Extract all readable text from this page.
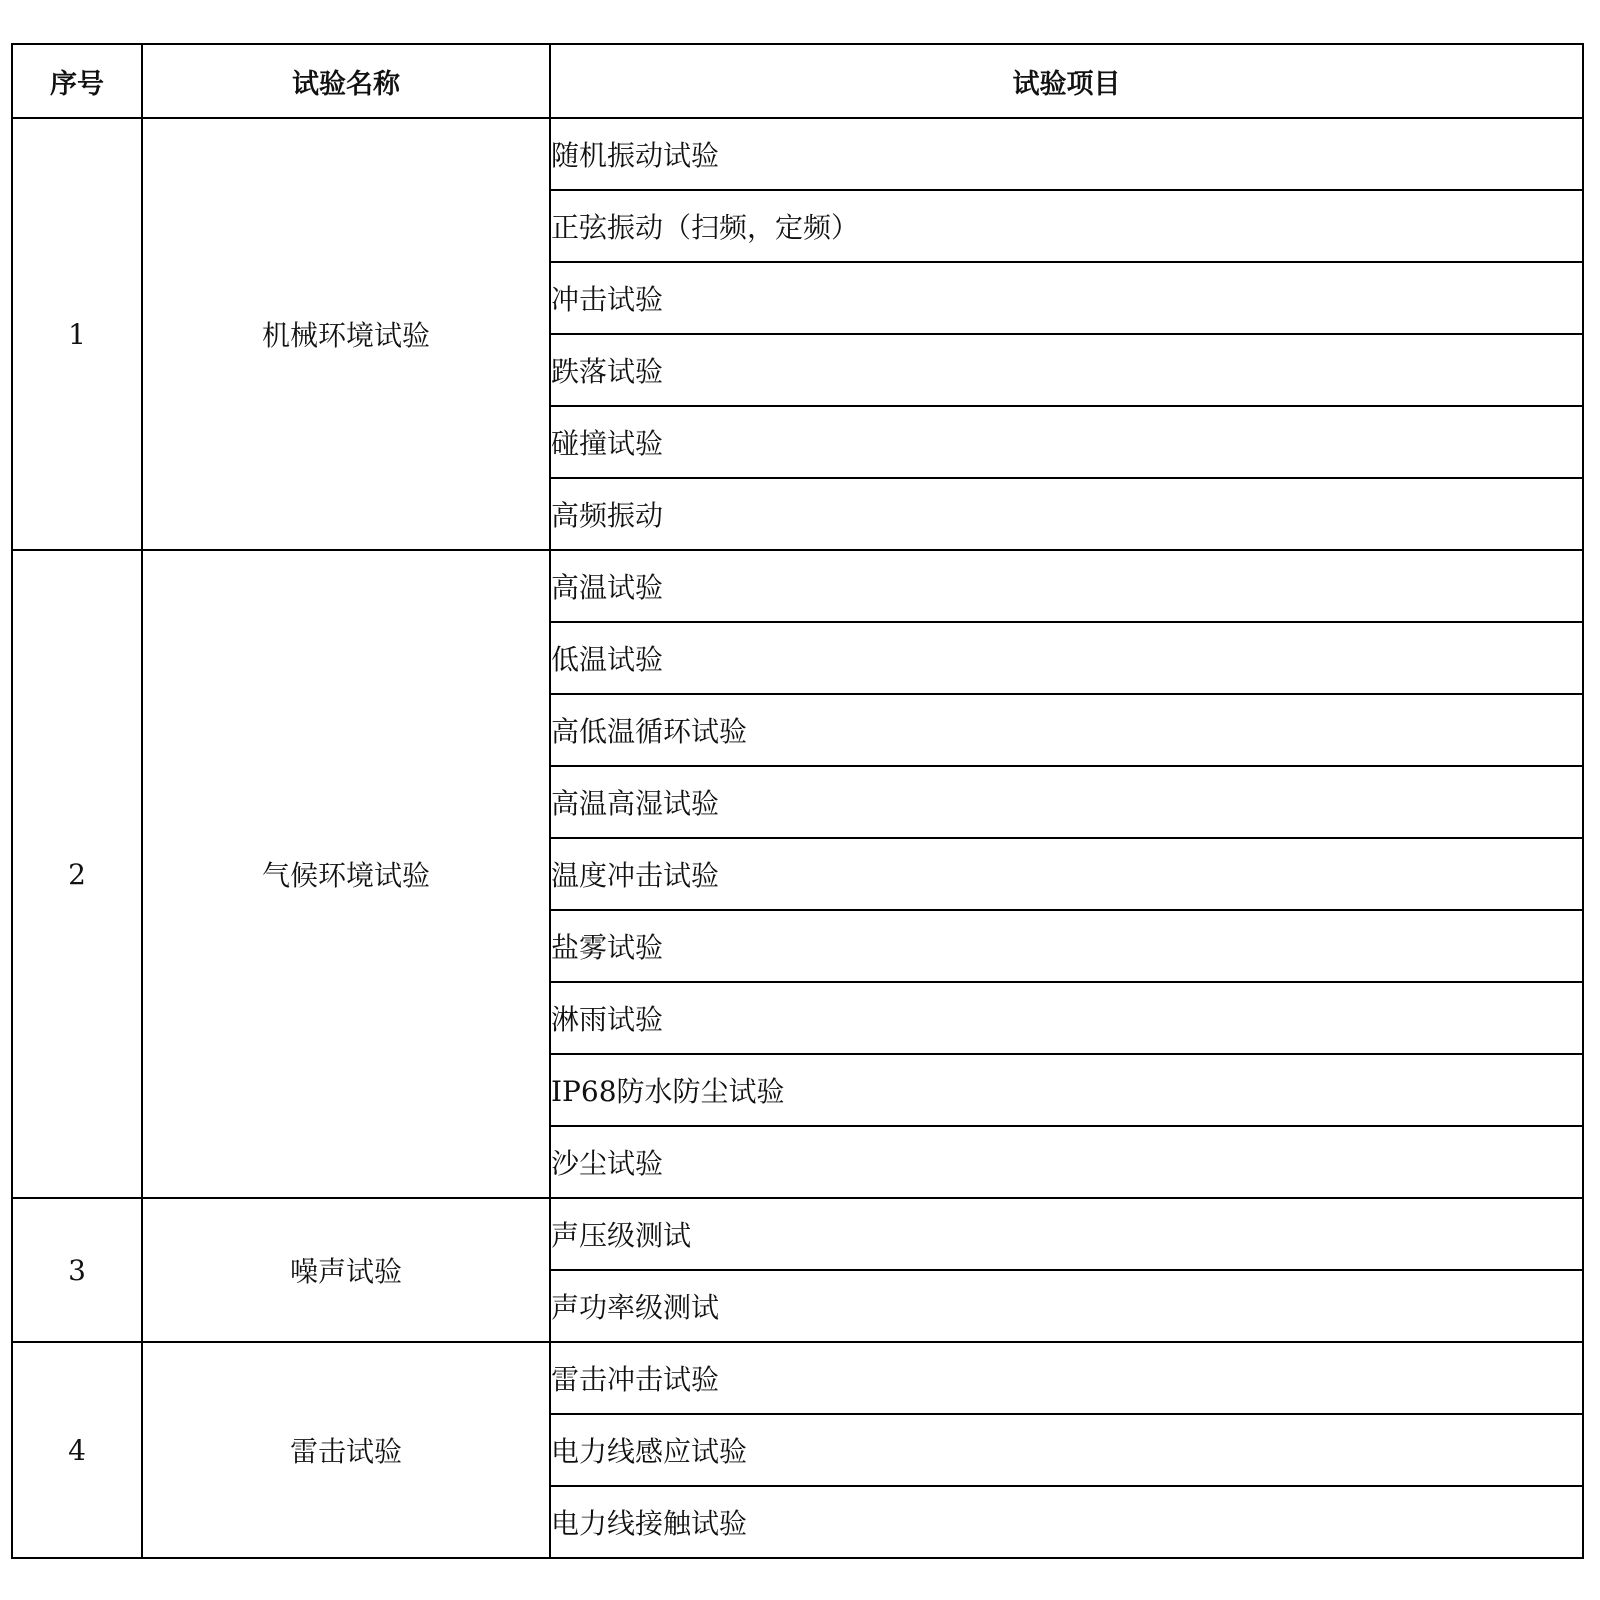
序号	试验名称	试验项目
1	机械环境试验	随机振动试验
		正弦振动（扫频，定频）
		冲击试验
		跌落试验
		碰撞试验
		高频振动
2	气候环境试验	高温试验
		低温试验
		高低温循环试验
		高温高湿试验
		温度冲击试验
		盐雾试验
		淋雨试验
		IP68防水防尘试验
		沙尘试验
3	噪声试验	声压级测试
		声功率级测试
4	雷击试验	雷击冲击试验
		电力线感应试验
		电力线接触试验
